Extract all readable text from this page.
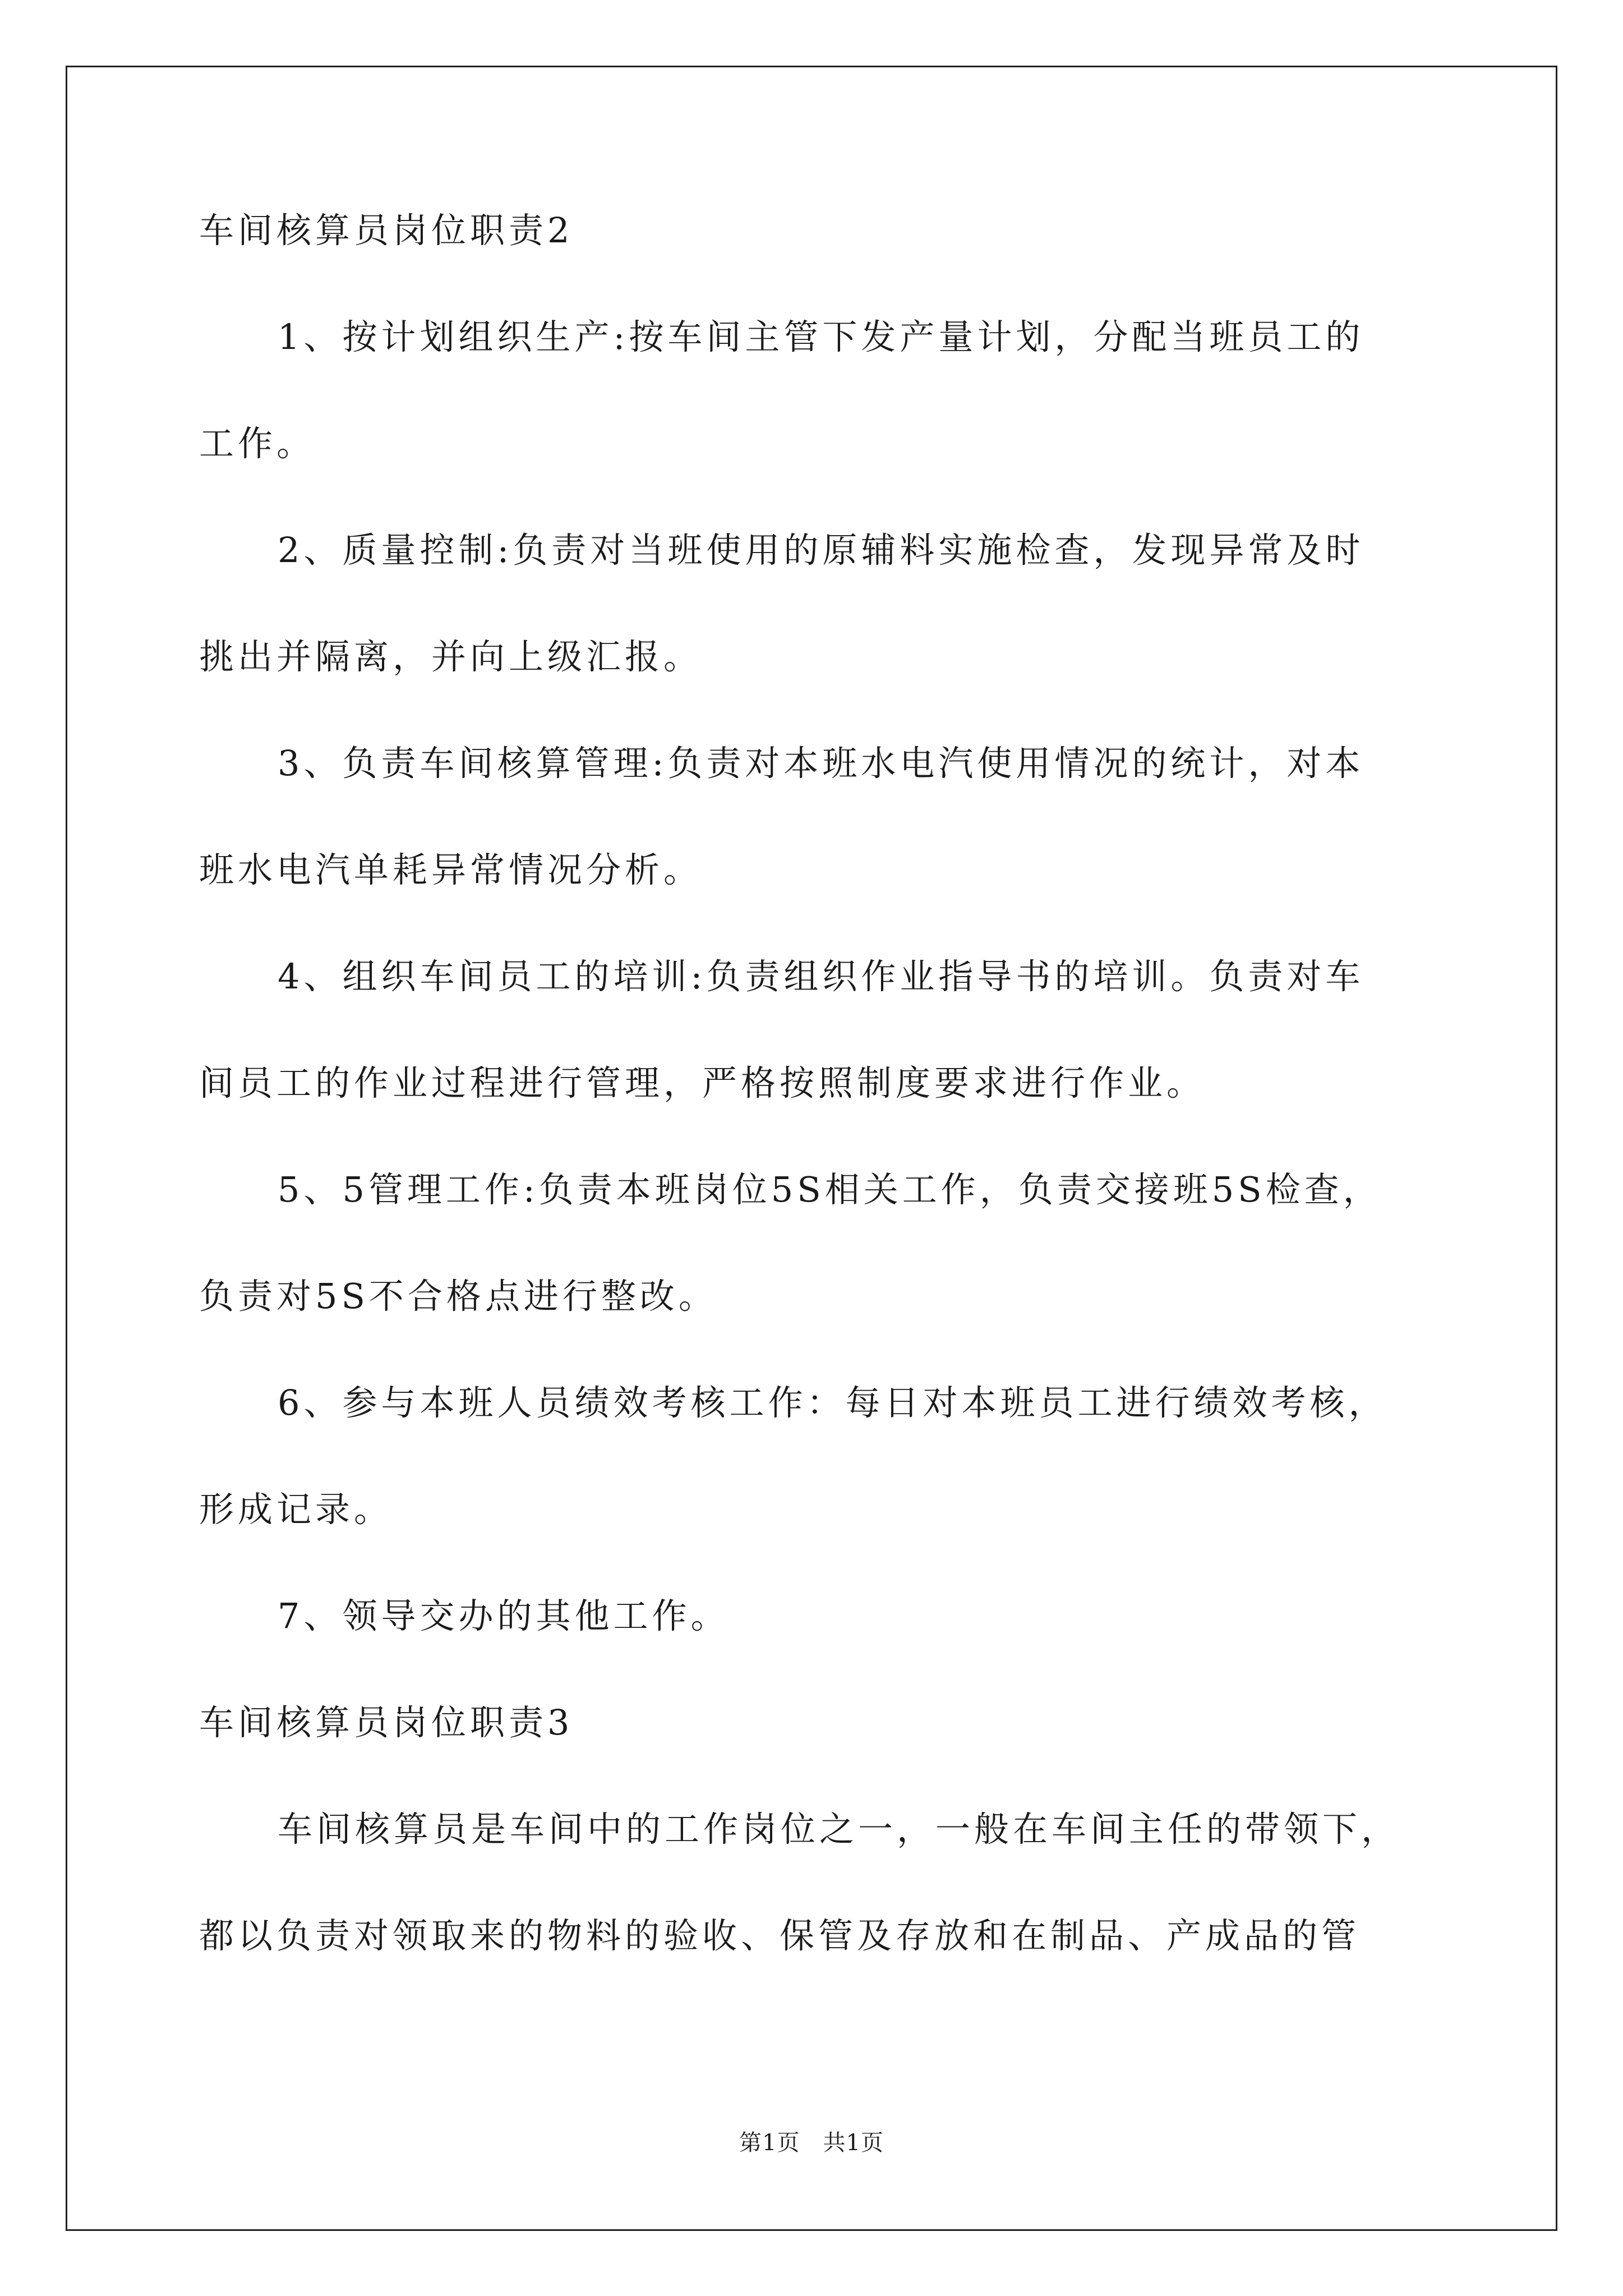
车间核算员岗位职责2
1、按计划组织生产:按车间主管下发产量计划，分配当班员工的
工作。
2、质量控制:负责对当班使用的原辅料实施检查，发现异常及时
挑出并隔离，并向上级汇报。
3、负责车间核算管理:负责对本班水电汽使用情况的统计，对本
班水电汽单耗异常情况分析。
4、组织车间员工的培训:负责组织作业指导书的培训。负责对车
间员工的作业过程进行管理，严格按照制度要求进行作业。
5、5管理工作:负责本班岗位5S相关工作，负责交接班5S检查，
负责对5S不合格点进行整改。
6、参与本班人员绩效考核工作：每日对本班员工进行绩效考核，
形成记录。
7、领导交办的其他工作。
车间核算员岗位职责3
车间核算员是车间中的工作岗位之一，一般在车间主任的带领下，
都以负责对领取来的物料的验收、保管及存放和在制品、产成品的管
第1页　共1页
